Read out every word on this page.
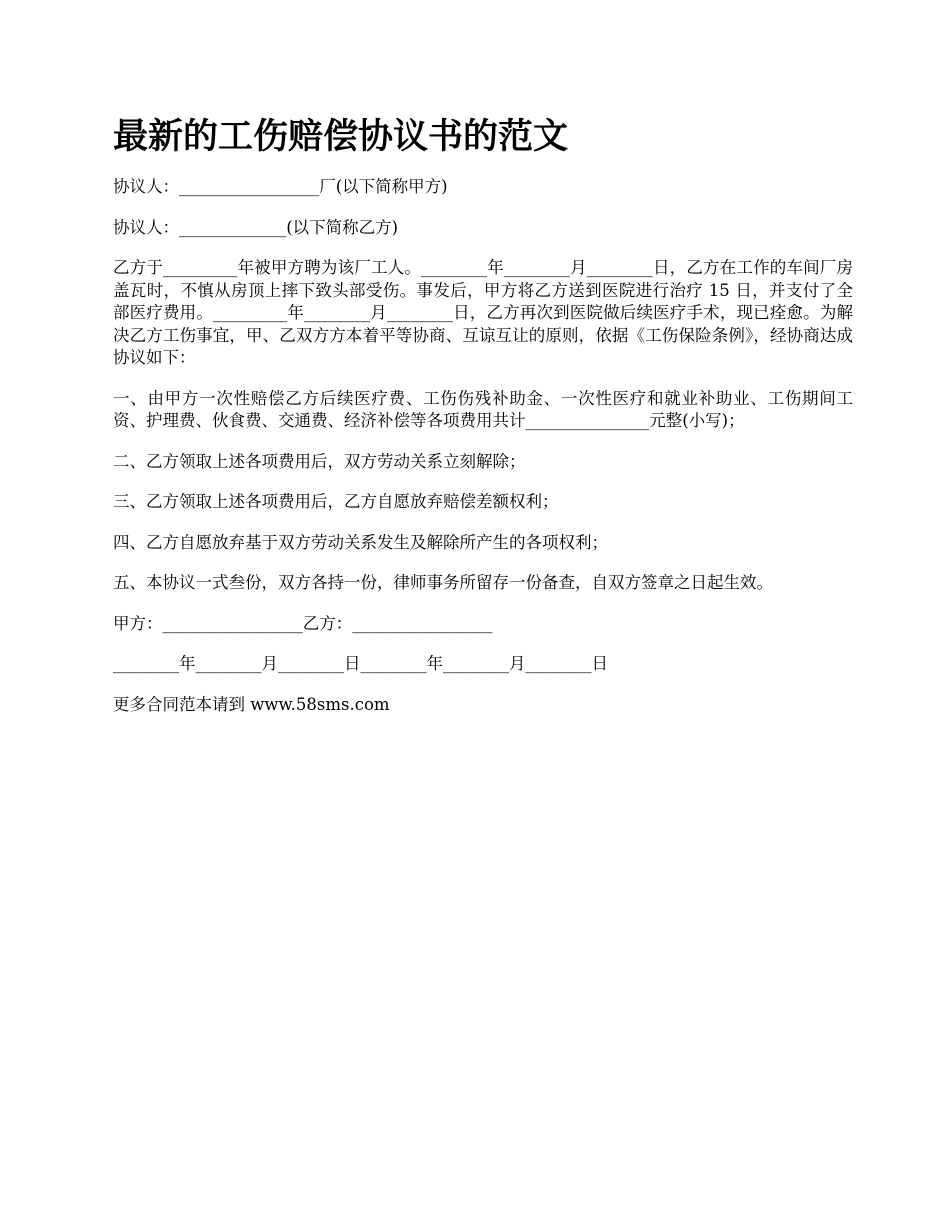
最新的工伤赔偿协议书的范文

协议人：_________________厂(以下简称甲方)

协议人：_____________(以下简称乙方)

乙方于_________年被甲方聘为该厂工人。________年________月________日，乙方在工作的车间厂房盖瓦时，不慎从房顶上摔下致头部受伤。事发后，甲方将乙方送到医院进行治疗 15 日，并支付了全部医疗费用。_________年________月________日，乙方再次到医院做后续医疗手术，现已痊愈。为解决乙方工伤事宜，甲、乙双方方本着平等协商、互谅互让的原则，依据《工伤保险条例》，经协商达成协议如下：

一、由甲方一次性赔偿乙方后续医疗费、工伤伤残补助金、一次性医疗和就业补助业、工伤期间工资、护理费、伙食费、交通费、经济补偿等各项费用共计_______________元整(小写)；

二、乙方领取上述各项费用后，双方劳动关系立刻解除；

三、乙方领取上述各项费用后，乙方自愿放弃赔偿差额权利；

四、乙方自愿放弃基于双方劳动关系发生及解除所产生的各项权利；

五、本协议一式叁份，双方各持一份，律师事务所留存一份备查，自双方签章之日起生效。

甲方：_________________乙方：_________________

________年________月________日________年________月________日

更多合同范本请到 www.58sms.com
